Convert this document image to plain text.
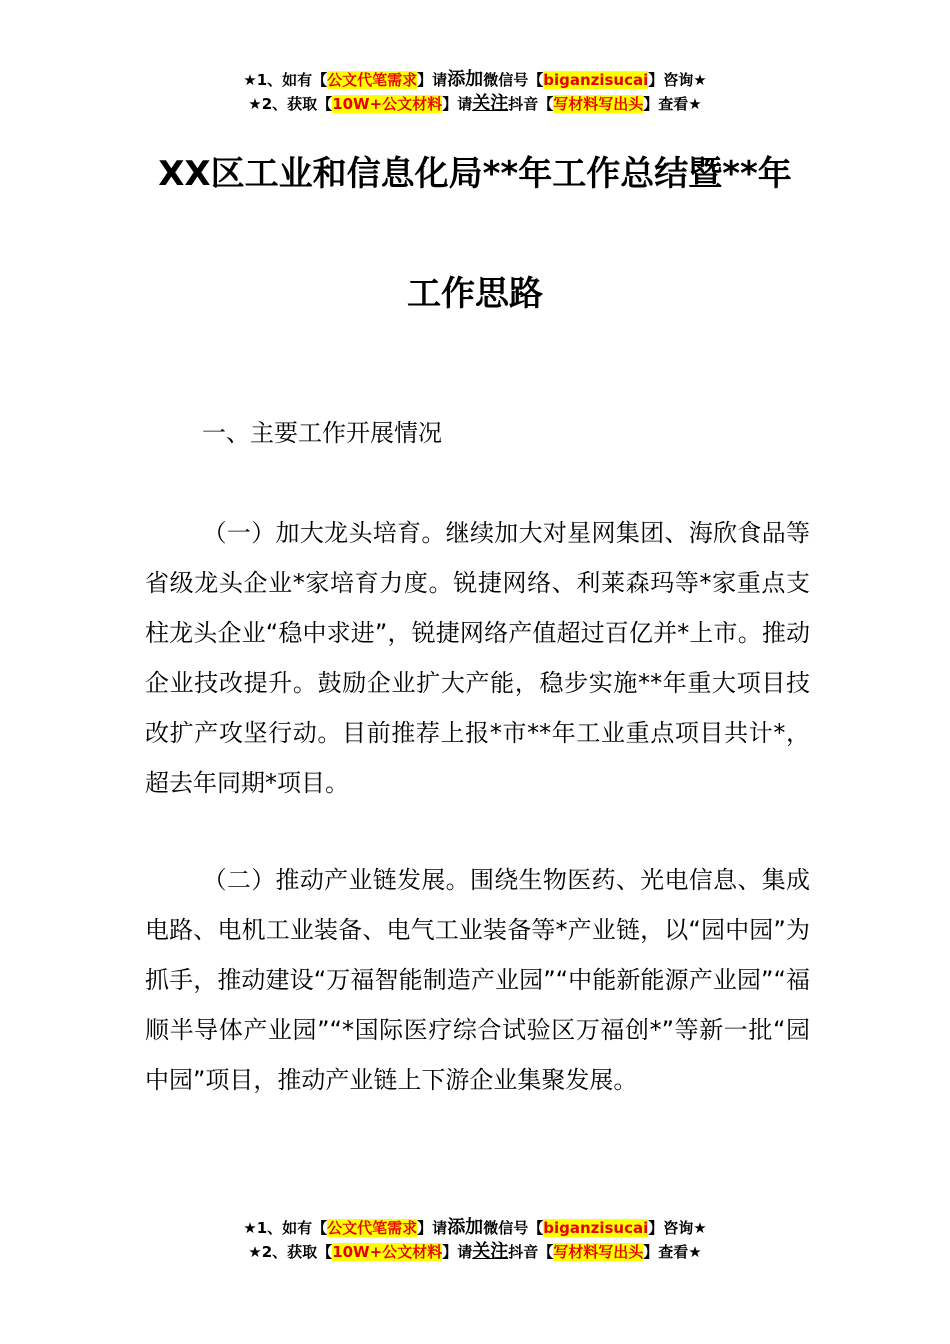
★1、如有【公文代笔需求】请添加微信号【biganzisucai】咨询★
★2、获取【10W+公文材料】请关注抖音【写材料写出头】查看★
XX区工业和信息化局**年工作总结暨**年
工作思路
一、主要工作开展情况
（一）加大龙头培育。继续加大对星网集团、海欣食品等省级龙头企业*家培育力度。锐捷网络、利莱森玛等*家重点支柱龙头企业“稳中求进”，锐捷网络产值超过百亿并*上市。推动企业技改提升。鼓励企业扩大产能，稳步实施**年重大项目技改扩产攻坚行动。目前推荐上报*市**年工业重点项目共计*，超去年同期*项目。
（二）推动产业链发展。围绕生物医药、光电信息、集成电路、电机工业装备、电气工业装备等*产业链，以“园中园”为抓手，推动建设“万福智能制造产业园”“中能新能源产业园”“福顺半导体产业园”“*国际医疗综合试验区万福创*”等新一批“园中园”项目，推动产业链上下游企业集聚发展。
★1、如有【公文代笔需求】请添加微信号【biganzisucai】咨询★
★2、获取【10W+公文材料】请关注抖音【写材料写出头】查看★
